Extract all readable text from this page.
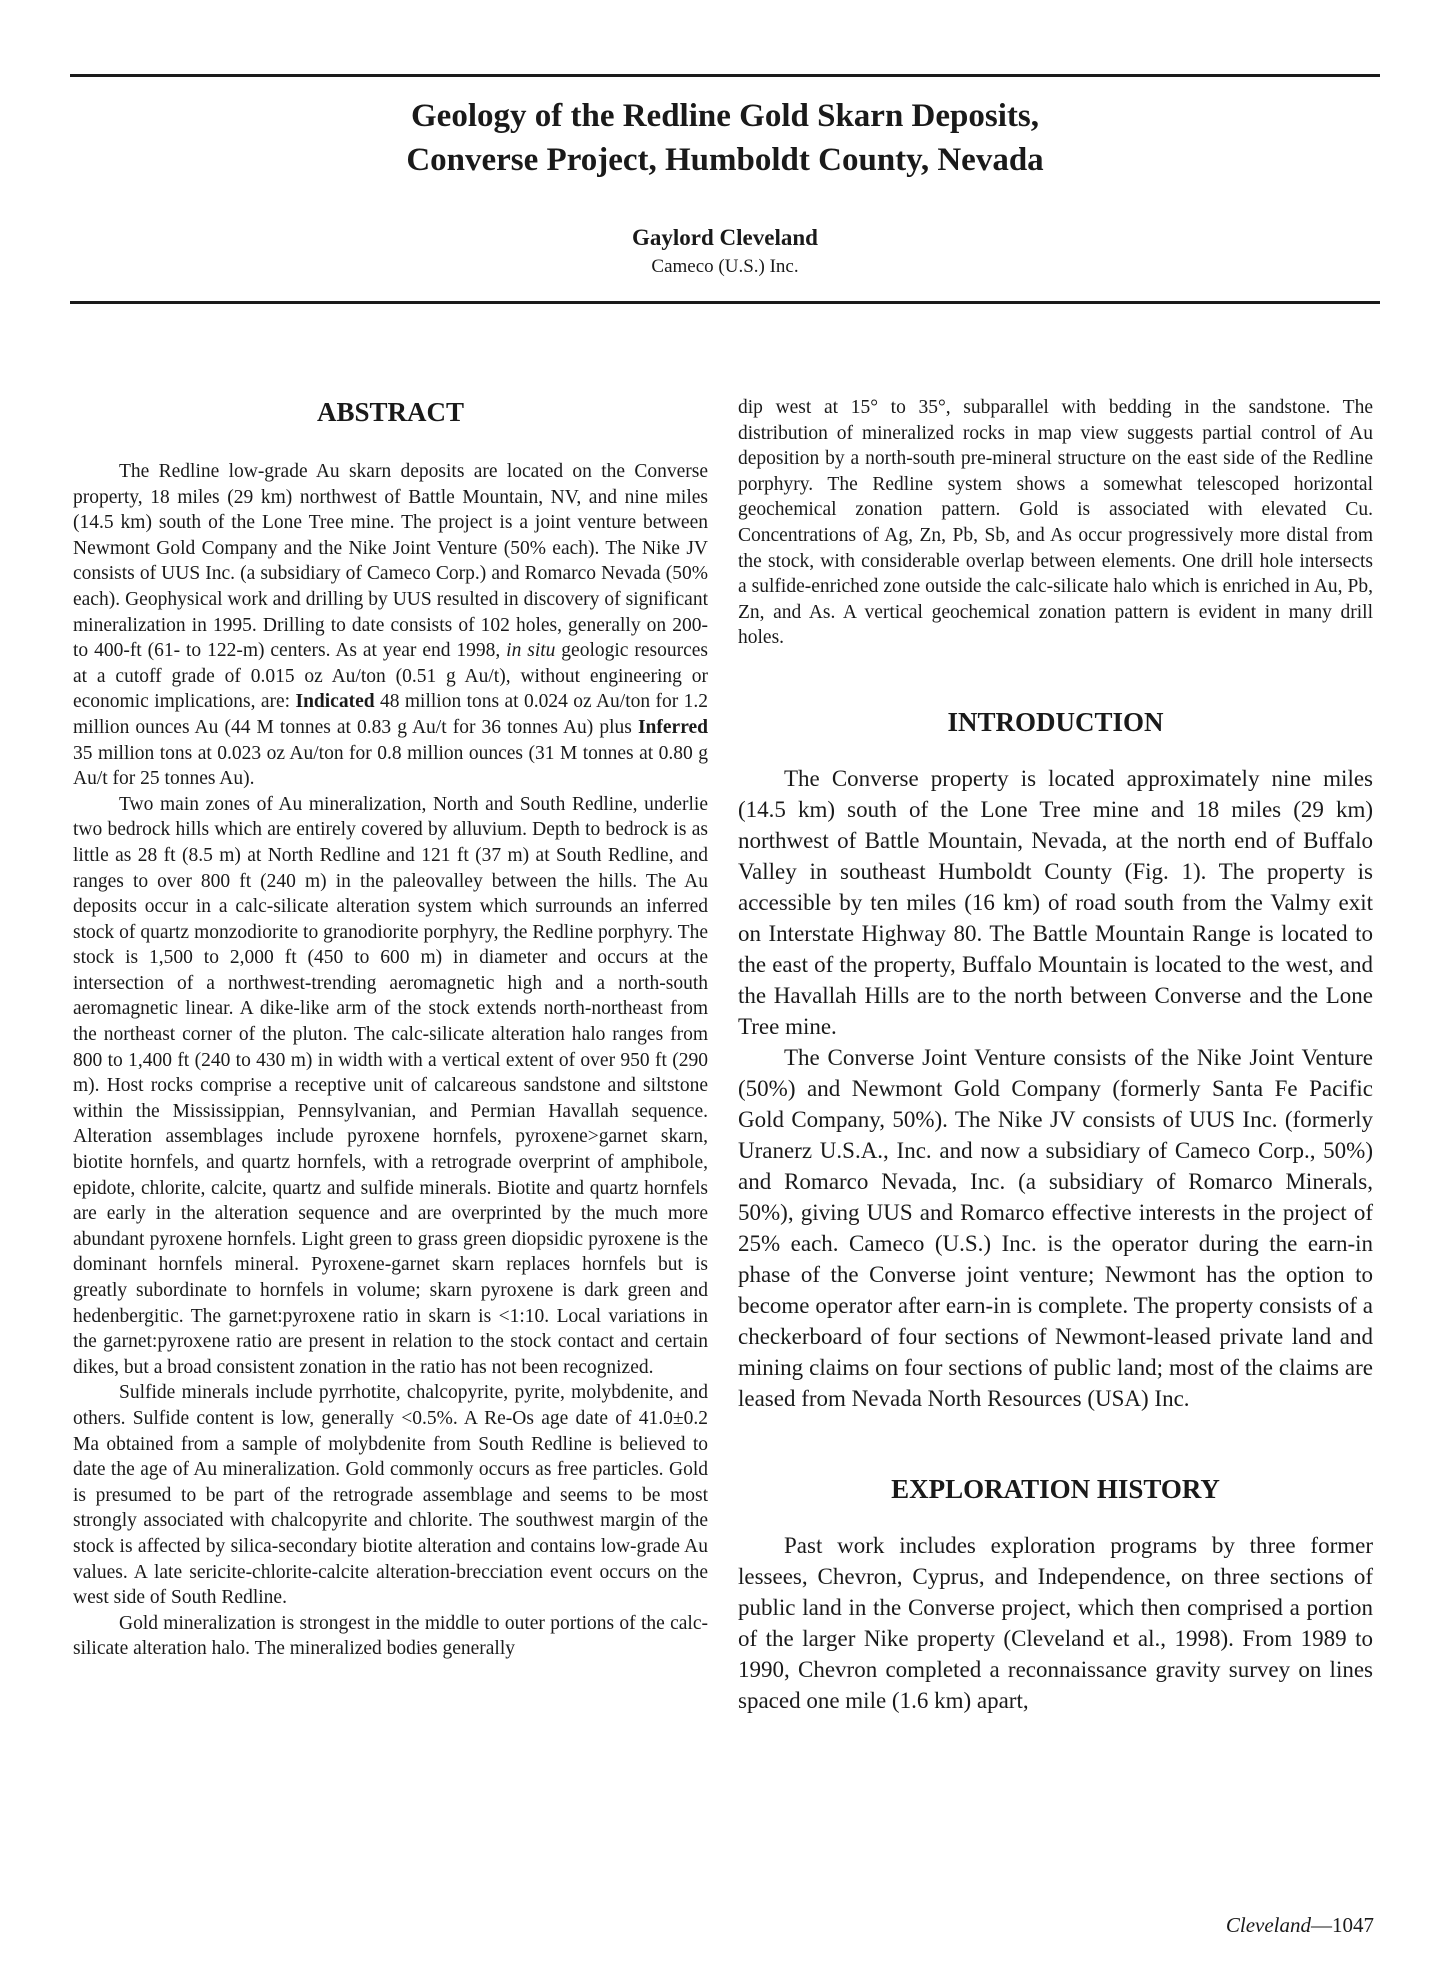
Geology of the Redline Gold Skarn Deposits,
Converse Project, Humboldt County, Nevada
Gaylord Cleveland
Cameco (U.S.) Inc.
ABSTRACT

The Redline low-grade Au skarn deposits are located on the Converse property, 18 miles (29 km) northwest of Battle Mountain, NV, and nine miles (14.5 km) south of the Lone Tree mine. The project is a joint venture between Newmont Gold Company and the Nike Joint Venture (50% each). The Nike JV consists of UUS Inc. (a subsidiary of Cameco Corp.) and Romarco Nevada (50% each). Geophysical work and drilling by UUS resulted in discovery of significant mineralization in 1995. Drilling to date consists of 102 holes, generally on 200- to 400-ft (61- to 122-m) centers. As at year end 1998, in situ geologic resources at a cutoff grade of 0.015 oz Au/ton (0.51 g Au/t), without engineering or economic implications, are: Indicated 48 million tons at 0.024 oz Au/ton for 1.2 million ounces Au (44 M tonnes at 0.83 g Au/t for 36 tonnes Au) plus Inferred 35 million tons at 0.023 oz Au/ton for 0.8 million ounces (31 M tonnes at 0.80 g Au/t for 25 tonnes Au).

Two main zones of Au mineralization, North and South Redline, underlie two bedrock hills which are entirely covered by alluvium. Depth to bedrock is as little as 28 ft (8.5 m) at North Redline and 121 ft (37 m) at South Redline, and ranges to over 800 ft (240 m) in the paleovalley between the hills. The Au deposits occur in a calc-silicate alteration system which surrounds an inferred stock of quartz monzodiorite to granodiorite porphyry, the Redline porphyry. The stock is 1,500 to 2,000 ft (450 to 600 m) in diameter and occurs at the intersection of a northwest-trending aeromagnetic high and a north-south aeromagnetic linear. A dike-like arm of the stock extends north-northeast from the northeast corner of the pluton. The calc-silicate alteration halo ranges from 800 to 1,400 ft (240 to 430 m) in width with a vertical extent of over 950 ft (290 m). Host rocks comprise a receptive unit of calcareous sandstone and siltstone within the Mississippian, Pennsylvanian, and Permian Havallah sequence. Alteration assemblages include pyroxene hornfels, pyroxene>garnet skarn, biotite hornfels, and quartz hornfels, with a retrograde overprint of amphibole, epidote, chlorite, calcite, quartz and sulfide minerals. Biotite and quartz hornfels are early in the alteration sequence and are overprinted by the much more abundant pyroxene hornfels. Light green to grass green diopsidic pyroxene is the dominant hornfels mineral. Pyroxene-garnet skarn replaces hornfels but is greatly subordinate to hornfels in volume; skarn pyroxene is dark green and hedenbergitic. The garnet:pyroxene ratio in skarn is <1:10. Local variations in the garnet:pyroxene ratio are present in relation to the stock contact and certain dikes, but a broad consistent zonation in the ratio has not been recognized.

Sulfide minerals include pyrrhotite, chalcopyrite, pyrite, molybdenite, and others. Sulfide content is low, generally <0.5%. A Re-Os age date of 41.0±0.2 Ma obtained from a sample of molybdenite from South Redline is believed to date the age of Au mineralization. Gold commonly occurs as free particles. Gold is presumed to be part of the retrograde assemblage and seems to be most strongly associated with chalcopyrite and chlorite. The southwest margin of the stock is affected by silica-secondary biotite alteration and contains low-grade Au values. A late sericite-chlorite-calcite alteration-brecciation event occurs on the west side of South Redline.

Gold mineralization is strongest in the middle to outer portions of the calc-silicate alteration halo. The mineralized bodies generally

dip west at 15° to 35°, subparallel with bedding in the sandstone. The distribution of mineralized rocks in map view suggests partial control of Au deposition by a north-south pre-mineral structure on the east side of the Redline porphyry. The Redline system shows a somewhat telescoped horizontal geochemical zonation pattern. Gold is associated with elevated Cu. Concentrations of Ag, Zn, Pb, Sb, and As occur progressively more distal from the stock, with considerable overlap between elements. One drill hole intersects a sulfide-enriched zone outside the calc-silicate halo which is enriched in Au, Pb, Zn, and As. A vertical geochemical zonation pattern is evident in many drill holes.

INTRODUCTION

The Converse property is located approximately nine miles (14.5 km) south of the Lone Tree mine and 18 miles (29 km) northwest of Battle Mountain, Nevada, at the north end of Buffalo Valley in southeast Humboldt County (Fig. 1). The property is accessible by ten miles (16 km) of road south from the Valmy exit on Interstate Highway 80. The Battle Mountain Range is located to the east of the property, Buffalo Mountain is located to the west, and the Havallah Hills are to the north between Converse and the Lone Tree mine.

The Converse Joint Venture consists of the Nike Joint Venture (50%) and Newmont Gold Company (formerly Santa Fe Pacific Gold Company, 50%). The Nike JV consists of UUS Inc. (formerly Uranerz U.S.A., Inc. and now a subsidiary of Cameco Corp., 50%) and Romarco Nevada, Inc. (a subsidiary of Romarco Minerals, 50%), giving UUS and Romarco effective interests in the project of 25% each. Cameco (U.S.) Inc. is the operator during the earn-in phase of the Converse joint venture; Newmont has the option to become operator after earn-in is complete. The property consists of a checkerboard of four sections of Newmont-leased private land and mining claims on four sections of public land; most of the claims are leased from Nevada North Resources (USA) Inc.

EXPLORATION HISTORY

Past work includes exploration programs by three former lessees, Chevron, Cyprus, and Independence, on three sections of public land in the Converse project, which then comprised a portion of the larger Nike property (Cleveland et al., 1998). From 1989 to 1990, Chevron completed a reconnaissance gravity survey on lines spaced one mile (1.6 km) apart,

Cleveland—1047
